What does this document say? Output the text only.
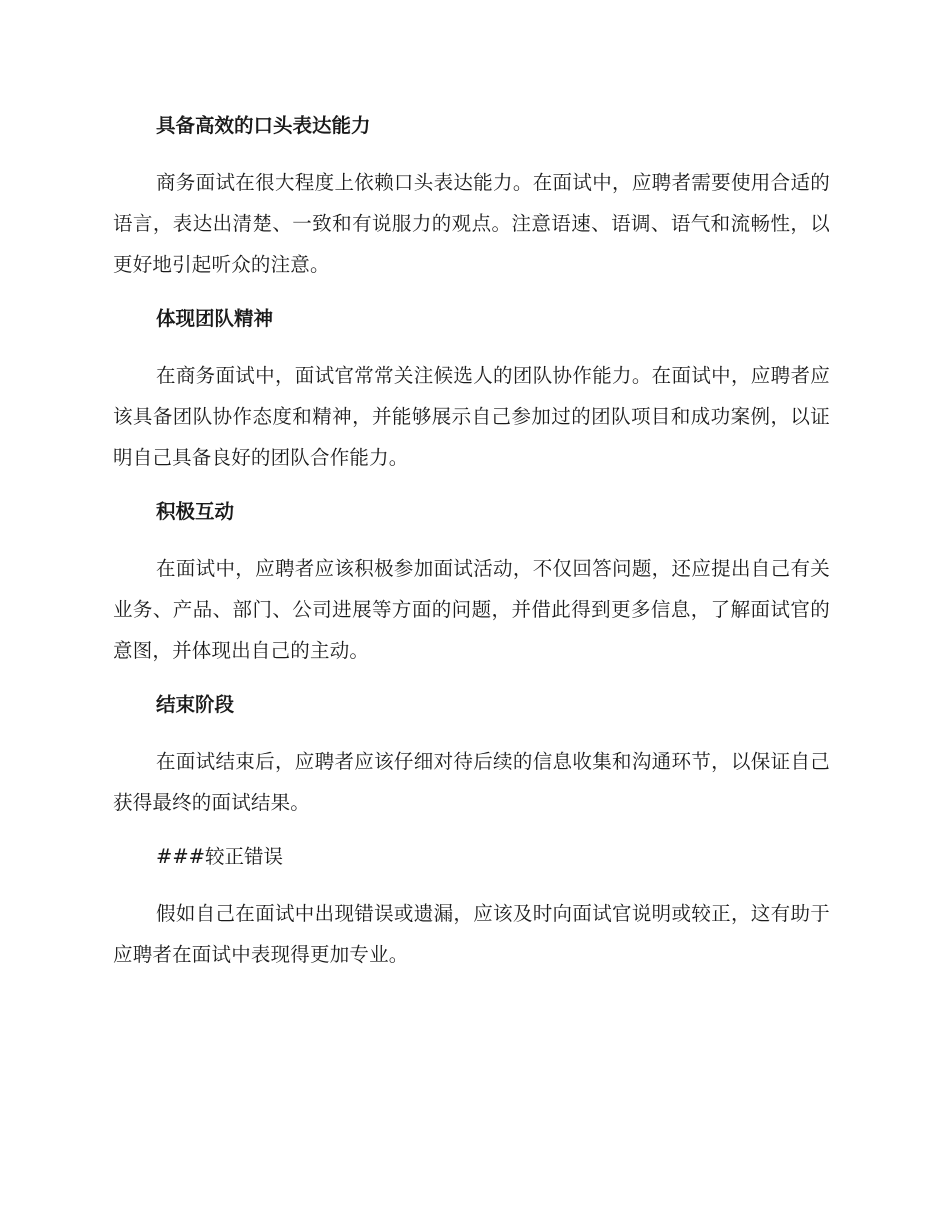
具备高效的口头表达能力

商务面试在很大程度上依赖口头表达能力。在面试中，应聘者需要使用合适的语言，表达出清楚、一致和有说服力的观点。注意语速、语调、语气和流畅性，以更好地引起听众的注意。

体现团队精神

在商务面试中，面试官常常关注候选人的团队协作能力。在面试中，应聘者应该具备团队协作态度和精神，并能够展示自己参加过的团队项目和成功案例，以证明自己具备良好的团队合作能力。

积极互动

在面试中，应聘者应该积极参加面试活动，不仅回答问题，还应提出自己有关业务、产品、部门、公司进展等方面的问题，并借此得到更多信息，了解面试官的意图，并体现出自己的主动。

结束阶段

在面试结束后，应聘者应该仔细对待后续的信息收集和沟通环节，以保证自己获得最终的面试结果。

###较正错误

假如自己在面试中出现错误或遗漏，应该及时向面试官说明或较正，这有助于应聘者在面试中表现得更加专业。
